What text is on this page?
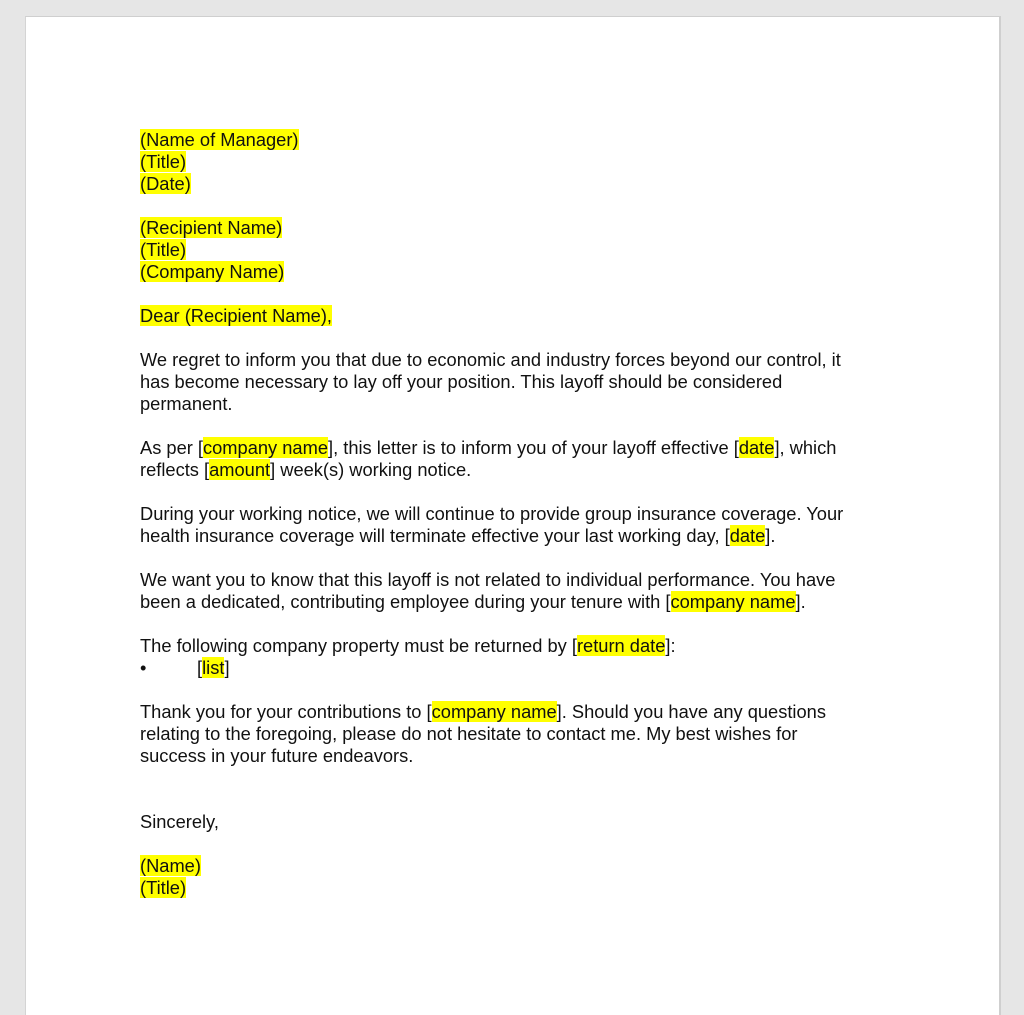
(Name of Manager)
(Title)
(Date)
(Recipient Name)
(Title)
(Company Name)
Dear (Recipient Name),
We regret to inform you that due to economic and industry forces beyond our control, it
has become necessary to lay off your position. This layoff should be considered
permanent.
As per [company name], this letter is to inform you of your layoff effective [date], which
reflects [amount] week(s) working notice.
During your working notice, we will continue to provide group insurance coverage. Your
health insurance coverage will terminate effective your last working day, [date].
We want you to know that this layoff is not related to individual performance. You have
been a dedicated, contributing employee during your tenure with [company name].
The following company property must be returned by [return date]:
•	[list]
Thank you for your contributions to [company name]. Should you have any questions
relating to the foregoing, please do not hesitate to contact me. My best wishes for
success in your future endeavors.
Sincerely,
(Name)
(Title)
